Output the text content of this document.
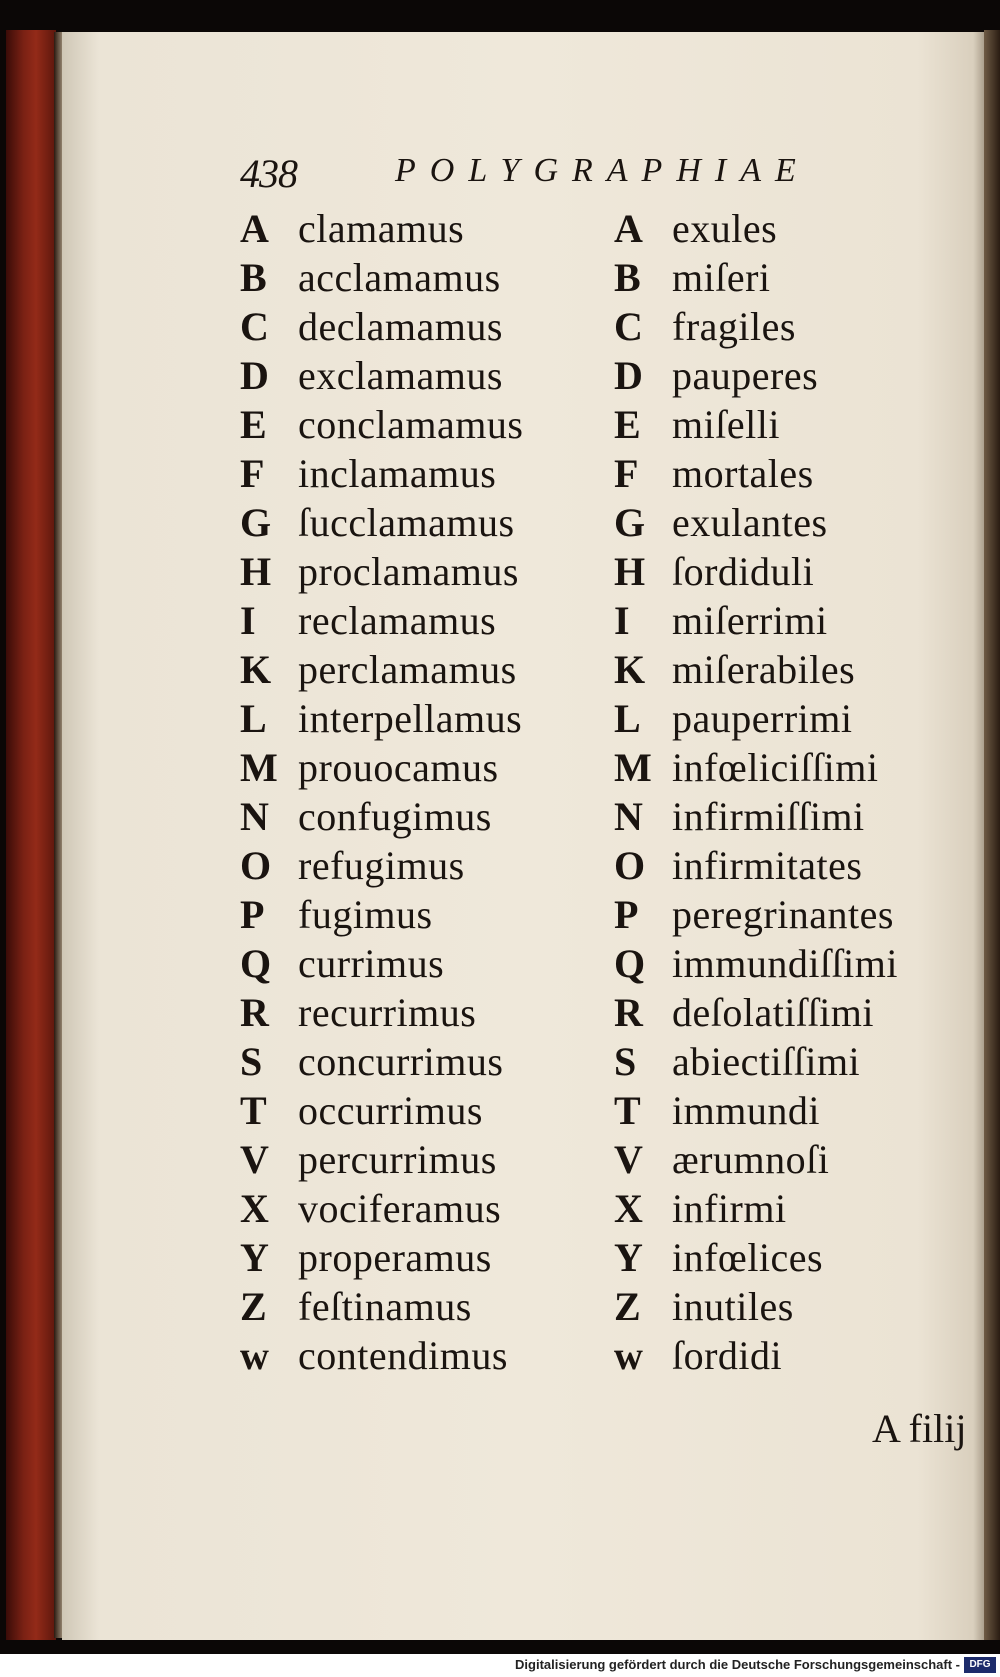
438	POLYGRAPHIAE
A clamamus
B acclamamus
C declamamus
D exclamamus
E conclamamus
F inclamamus
G ſucclamamus
H proclamamus
I reclamamus
K perclamamus
L interpellamus
M prouocamus
N confugimus
O refugimus
P fugimus
Q currimus
R recurrimus
S concurrimus
T occurrimus
V percurrimus
X vociferamus
Y properamus
Z feſtinamus
w contendimus
A exules
B miſeri
C fragiles
D pauperes
E miſelli
F mortales
G exulantes
H ſordiduli
I miſerrimi
K miſerabiles
L pauperrimi
M infœliciſſimi
N infirmiſſimi
O infirmitates
P peregrinantes
Q immundiſſimi
R deſolatiſſimi
S abiectiſſimi
T immundi
V ærumnoſi
X infirmi
Y infœlices
Z inutiles
w ſordidi
A filij
Digitalisierung gefördert durch die Deutsche Forschungsgemeinschaft - DFG
